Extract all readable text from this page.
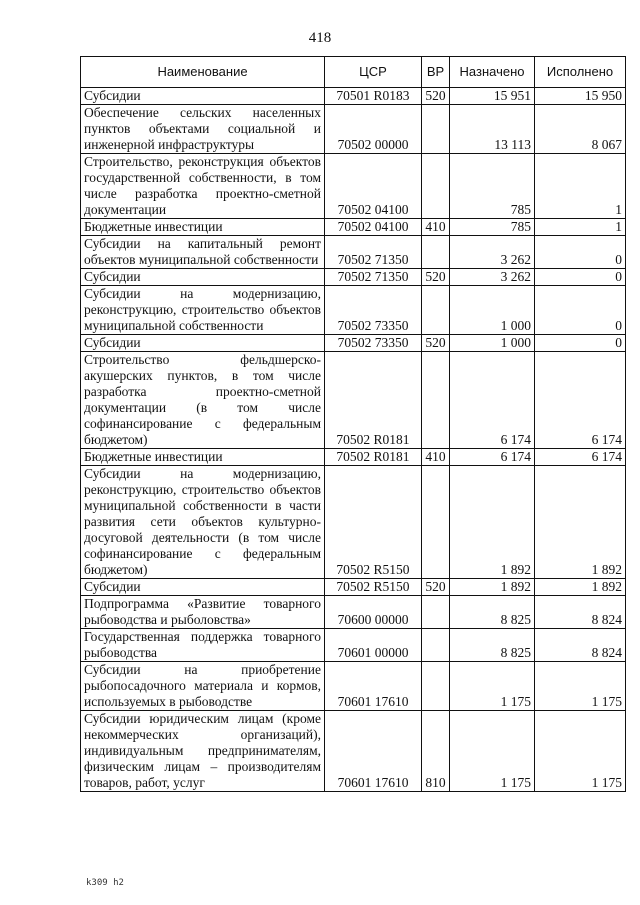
418
Наименование	ЦСР	ВР	Назначено	Исполнено
Субсидии	70501 R0183	520	15 951	15 950
Обеспечение сельских населенных пунктов объектами социальной и инженерной инфраструктуры	70502 00000		13 113	8 067
Строительство, реконструкция объектов государственной собственности, в том числе разработка проектно-сметной документации	70502 04100		785	1
Бюджетные инвестиции	70502 04100	410	785	1
Субсидии на капитальный ремонт объектов муниципальной собственности	70502 71350		3 262	0
Субсидии	70502 71350	520	3 262	0
Субсидии на модернизацию, реконструкцию, строительство объектов муниципальной собственности	70502 73350		1 000	0
Субсидии	70502 73350	520	1 000	0
Строительство фельдшерско-акушерских пунктов, в том числе разработка проектно-сметной документации (в том числе софинансирование с федеральным бюджетом)	70502 R0181		6 174	6 174
Бюджетные инвестиции	70502 R0181	410	6 174	6 174
Субсидии на модернизацию, реконструкцию, строительство объектов муниципальной собственности в части развития сети объектов культурно-досуговой деятельности (в том числе софинансирование с федеральным бюджетом)	70502 R5150		1 892	1 892
Субсидии	70502 R5150	520	1 892	1 892
Подпрограмма «Развитие товарного рыбоводства и рыболовства»	70600 00000		8 825	8 824
Государственная поддержка товарного рыбоводства	70601 00000		8 825	8 824
Субсидии на приобретение рыбопосадочного материала и кормов, используемых в рыбоводстве	70601 17610		1 175	1 175
Субсидии юридическим лицам (кроме некоммерческих организаций), индивидуальным предпринимателям, физическим лицам – производителям товаров, работ, услуг	70601 17610	810	1 175	1 175
k309 h2
